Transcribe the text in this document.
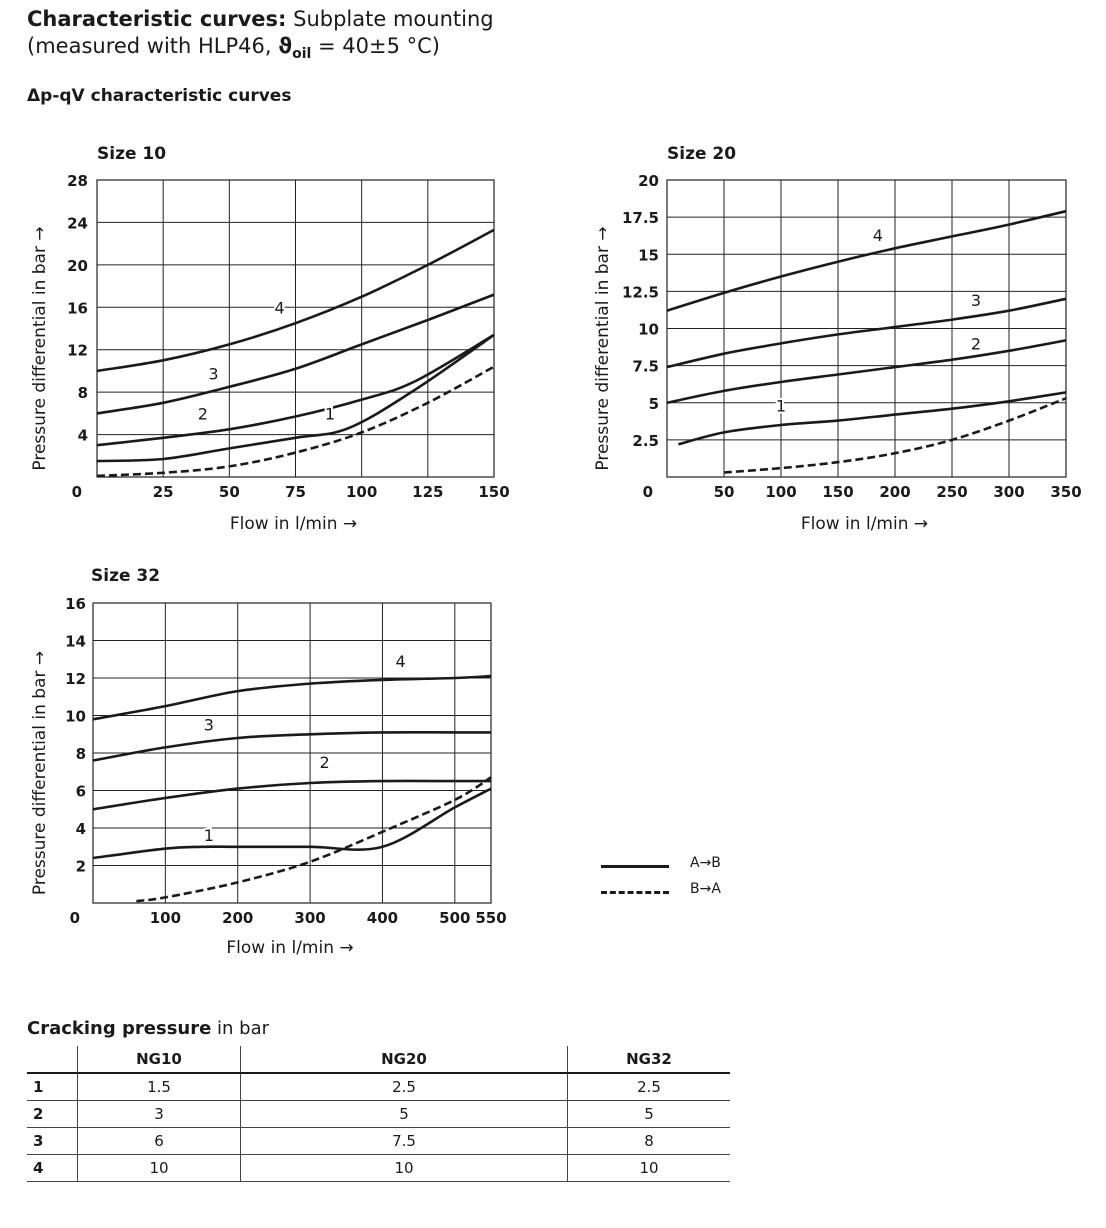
Characteristic curves: Subplate mounting
(measured with HLP46, $ϑ_{oil} = 40\pm 5$ °C)
Δp-qV characteristic curves
Size 10
4
8
12
16
20
24
28
0	25	50	75	100 125 150
Flow in l/min →
Pressure differential in bar →	4
3
2	1
Size 20
2.5
5
7.5
10
12.5
15
17.5
20
0	50 100 150 200 250 300 350
Flow in l/min →
Pressure differential in bar →	4
3
2
1
Size 32
2
4
6
8
10
12
14
16
0	100	200	300	400	500 550
Flow in l/min →
Pressure differential in bar →	4
3
2
1
A→B
B→A
Cracking pressure in bar
	NG10	NG20	NG32
1	1.5	2.5	2.5
2	3	5	5
3	6	7.5	8
4	10	10	10
